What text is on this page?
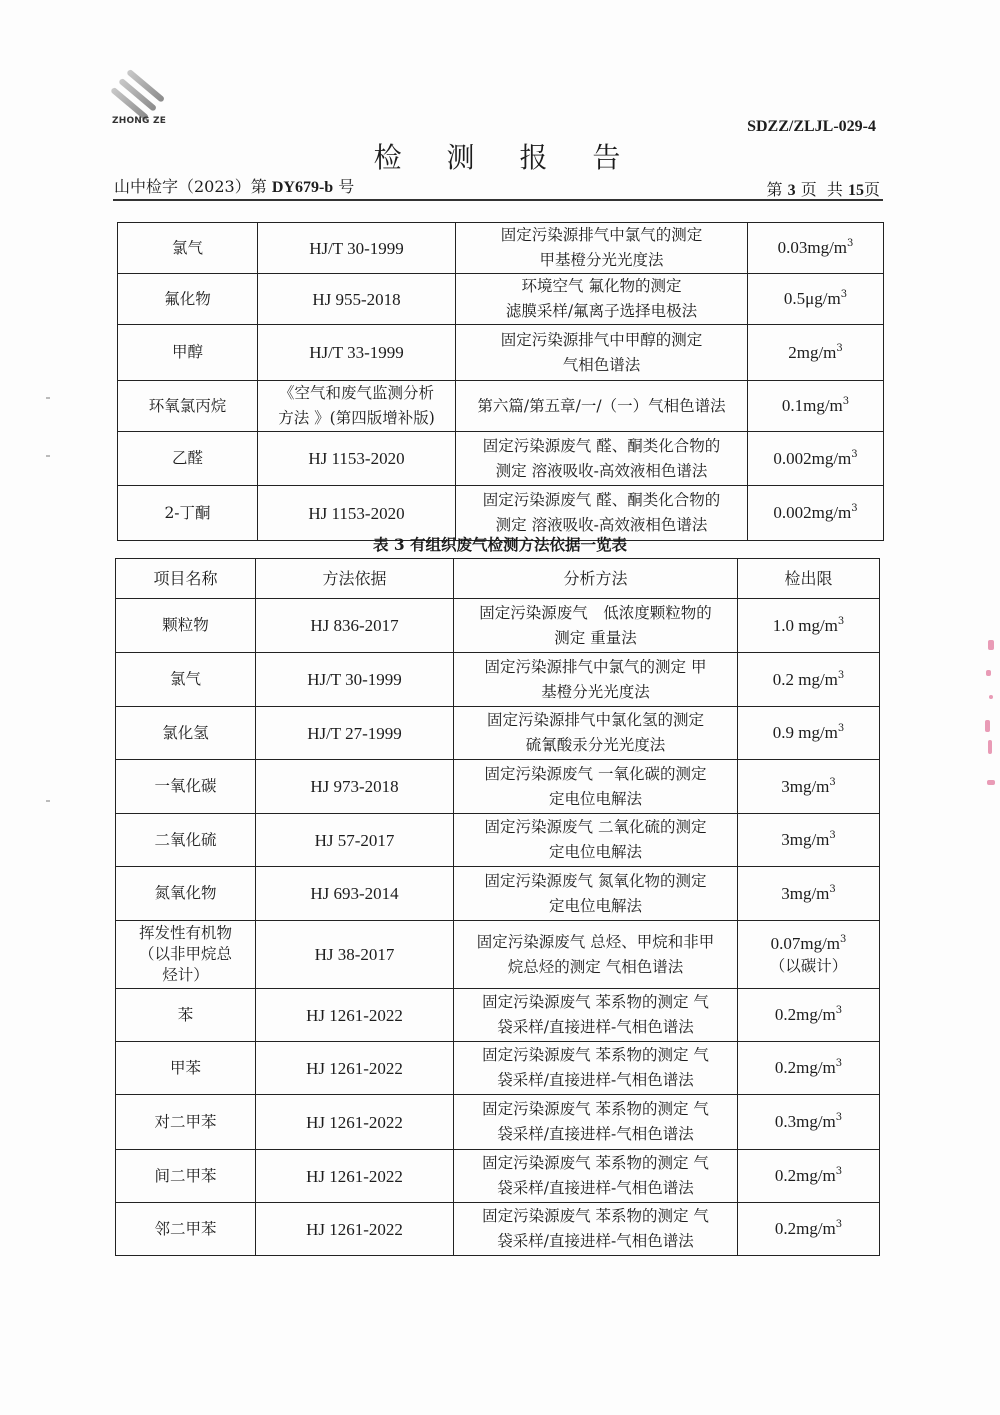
ZHONG ZE	SDZZ/ZLJL-029-4
检 测 报 告
山中检字（2023）第 DY679-b 号	第 3 页  共 15页
氯气	HJ/T 30-1999	固定污染源排气中氯气的测定
甲基橙分光光度法	$0.03mg/m^3$
氟化物	HJ 955-2018	环境空气 氟化物的测定
滤膜采样/氟离子选择电极法	$0.5\mu g/m^3$
甲醇	HJ/T 33-1999	固定污染源排气中甲醇的测定
气相色谱法	$2mg/m^3$
环氧氯丙烷	《空气和废气监测分析
方法 》(第四版增补版)	第六篇/第五章/一/（一）气相色谱法	$0.1mg/m^3$
乙醛	HJ 1153-2020	固定污染源废气 醛、酮类化合物的
测定 溶液吸收-高效液相色谱法	$0.002mg/m^3$
2-丁酮	HJ 1153-2020	固定污染源废气 醛、酮类化合物的
测定 溶液吸收-高效液相色谱法	$0.002mg/m^3$
表 3 有组织废气检测方法依据一览表
项目名称	方法依据	分析方法	检出限

颗粒物	HJ 836-2017	固定污染源废气　低浓度颗粒物的
测定 重量法	1.0 $mg/m^3$

氯气	HJ/T 30-1999	固定污染源排气中氯气的测定 甲
基橙分光光度法	0.2 $mg/m^3$

氯化氢	HJ/T 27-1999	固定污染源排气中氯化氢的测定
硫氰酸汞分光光度法	0.9 $mg/m^3$

一氧化碳	HJ 973-2018	固定污染源废气 一氧化碳的测定
定电位电解法	$3mg/m^3$

二氧化硫	HJ 57-2017	固定污染源废气 二氧化硫的测定
定电位电解法	$3mg/m^3$

氮氧化物	HJ 693-2014	固定污染源废气 氮氧化物的测定
定电位电解法	$3mg/m^3$

挥发性有机物
（以非甲烷总
烃计）
	HJ 38-2017	
固定污染源废气 总烃、甲烷和非甲
烷总烃的测定 气相色谱法
	$0.07mg/m^3$
（以碳计）

苯	HJ 1261-2022	固定污染源废气 苯系物的测定 气
袋采样/直接进样-气相色谱法	$0.2mg/m^3$

甲苯	HJ 1261-2022	固定污染源废气 苯系物的测定 气
袋采样/直接进样-气相色谱法	$0.2mg/m^3$

对二甲苯	HJ 1261-2022	固定污染源废气 苯系物的测定 气
袋采样/直接进样-气相色谱法	$0.3mg/m^3$

间二甲苯	HJ 1261-2022	固定污染源废气 苯系物的测定 气
袋采样/直接进样-气相色谱法	$0.2mg/m^3$

邻二甲苯	HJ 1261-2022	固定污染源废气 苯系物的测定 气
袋采样/直接进样-气相色谱法	$0.2mg/m^3$
